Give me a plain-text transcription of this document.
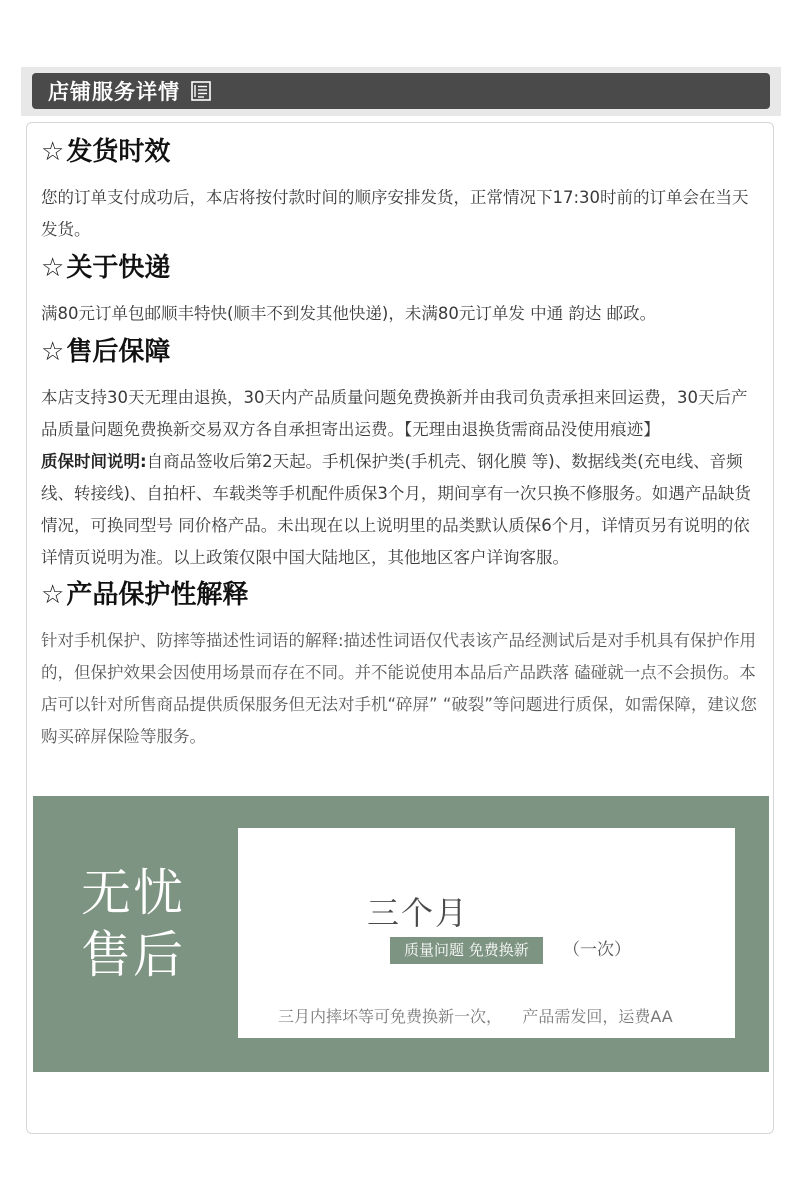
店铺服务详情
☆ 发货时效

您的订单支付成功后，本店将按付款时间的顺序安排发货，正常情况下17:30时前的订单会在当天发货。

☆ 关于快递

满80元订单包邮顺丰特快(顺丰不到发其他快递)，未满80元订单发 中通 韵达 邮政。

☆ 售后保障

本店支持30天无理由退换，30天内产品质量问题免费换新并由我司负责承担来回运费，30天后产品质量问题免费换新交易双方各自承担寄出运费。【无理由退换货需商品没使用痕迹】

质保时间说明:自商品签收后第2天起。手机保护类(手机壳、钢化膜 等)、数据线类(充电线、音频线、转接线)、自拍杆、车载类等手机配件质保3个月，期间享有一次只换不修服务。如遇产品缺货情况，可换同型号 同价格产品。未出现在以上说明里的品类默认质保6个月，详情页另有说明的依详情页说明为准。以上政策仅限中国大陆地区，其他地区客户详询客服。

☆ 产品保护性解释

针对手机保护、防摔等描述性词语的解释:描述性词语仅代表该产品经测试后是对手机具有保护作用的，但保护效果会因使用场景而存在不同。并不能说使用本品后产品跌落 磕碰就一点不会损伤。本店可以针对所售商品提供质保服务但无法对手机“碎屏” “破裂”等问题进行质保，如需保障，建议您购买碎屏保险等服务。

无忧
售后
三个月
质量问题 免费换新	（一次）
三月内摔坏等可免费换新一次，    产品需发回，运费AA
